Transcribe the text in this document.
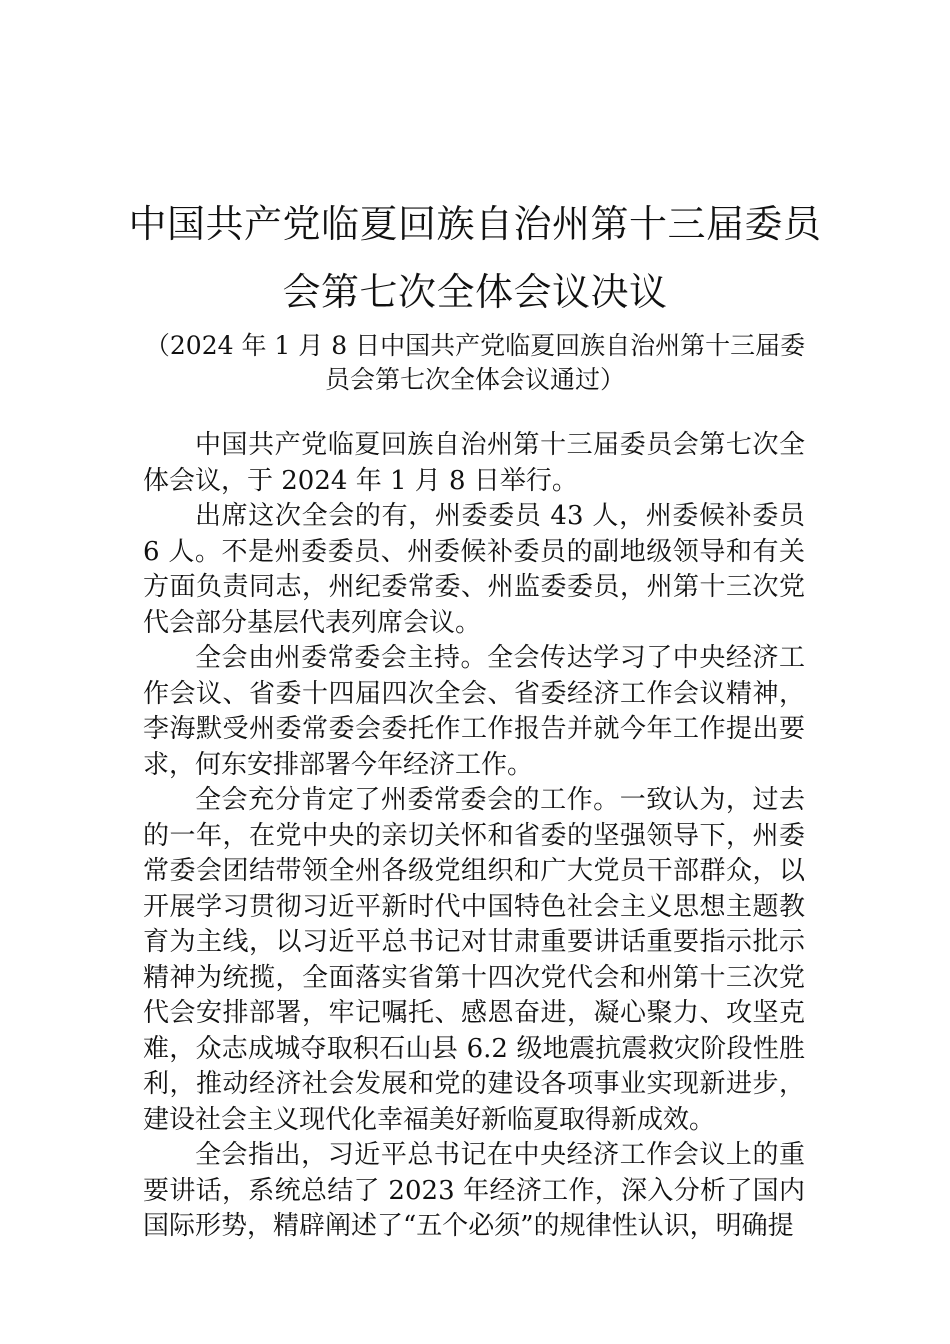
中国共产党临夏回族自治州第十三届委员
会第七次全体会议决议
（2024 年 1 月 8 日中国共产党临夏回族自治州第十三届委
员会第七次全体会议通过）

中国共产党临夏回族自治州第十三届委员会第七次全体会议，于 2024 年 1 月 8 日举行。

出席这次全会的有，州委委员 43 人，州委候补委员 6 人。不是州委委员、州委候补委员的副地级领导和有关方面负责同志，州纪委常委、州监委委员，州第十三次党代会部分基层代表列席会议。

全会由州委常委会主持。全会传达学习了中央经济工作会议、省委十四届四次全会、省委经济工作会议精神，李海默受州委常委会委托作工作报告并就今年工作提出要求，何东安排部署今年经济工作。

全会充分肯定了州委常委会的工作。一致认为，过去的一年，在党中央的亲切关怀和省委的坚强领导下，州委常委会团结带领全州各级党组织和广大党员干部群众，以开展学习贯彻习近平新时代中国特色社会主义思想主题教育为主线，以习近平总书记对甘肃重要讲话重要指示批示精神为统揽，全面落实省第十四次党代会和州第十三次党代会安排部署，牢记嘱托、感恩奋进，凝心聚力、攻坚克难，众志成城夺取积石山县 6.2 级地震抗震救灾阶段性胜利，推动经济社会发展和党的建设各项事业实现新进步，建设社会主义现代化幸福美好新临夏取得新成效。

全会指出，习近平总书记在中央经济工作会议上的重要讲话，系统总结了 2023 年经济工作，深入分析了国内国际形势，精辟阐述了“五个必须”的规律性认识，明确提
